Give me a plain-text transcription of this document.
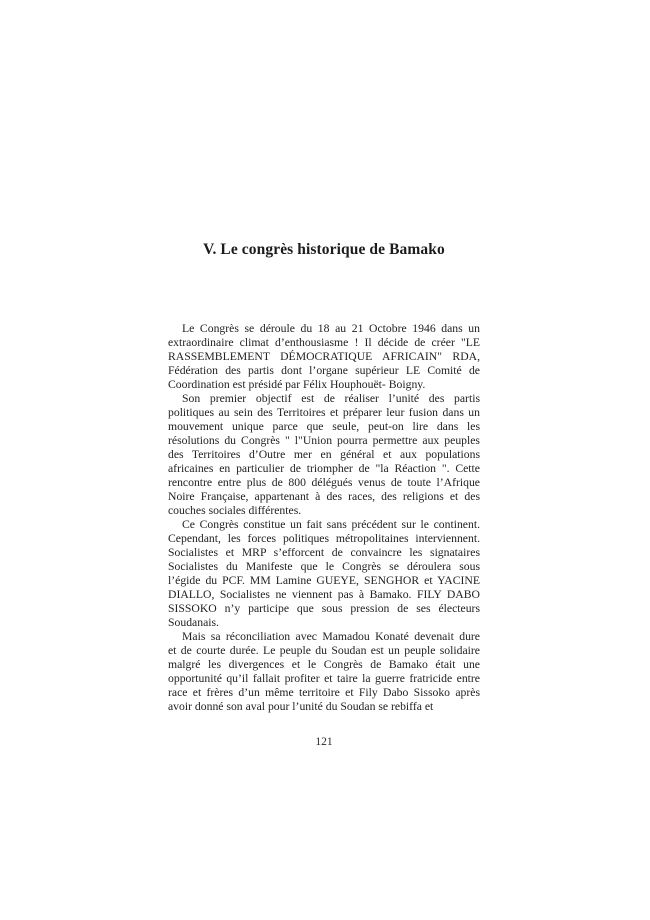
V. Le congrès historique de Bamako
Le Congrès se déroule du 18 au 21 Octobre 1946 dans un
extraordinaire climat d’enthousiasme ! Il décide de créer "LE
RASSEMBLEMENT DÉMOCRATIQUE AFRICAIN" RDA,
Fédération des partis dont l’organe supérieur LE Comité de
Coordination est présidé par Félix Houphouët- Boigny.
Son premier objectif est de réaliser l’unité des partis
politiques au sein des Territoires et préparer leur fusion dans un
mouvement unique parce que seule, peut-on lire dans les
résolutions du Congrès " l"Union pourra permettre aux peuples
des Territoires d’Outre mer en général et aux populations
africaines en particulier de triompher de "la Réaction ". Cette
rencontre entre plus de 800 délégués venus de toute l’Afrique
Noire Française, appartenant à des races, des religions et des
couches sociales différentes.
Ce Congrès constitue un fait sans précédent sur le continent.
Cependant, les forces politiques métropolitaines interviennent.
Socialistes et MRP s’efforcent de convaincre les signataires
Socialistes du Manifeste que le Congrès se déroulera sous
l’égide du PCF. MM Lamine GUEYE, SENGHOR et YACINE
DIALLO, Socialistes ne viennent pas à Bamako. FILY DABO
SISSOKO n’y participe que sous pression de ses électeurs
Soudanais.
Mais sa réconciliation avec Mamadou Konaté devenait dure
et de courte durée. Le peuple du Soudan est un peuple solidaire
malgré les divergences et le Congrès de Bamako était une
opportunité qu’il fallait profiter et taire la guerre fratricide entre
race et frères d’un même territoire et Fily Dabo Sissoko après
avoir donné son aval pour l’unité du Soudan se rebiffa et
121
